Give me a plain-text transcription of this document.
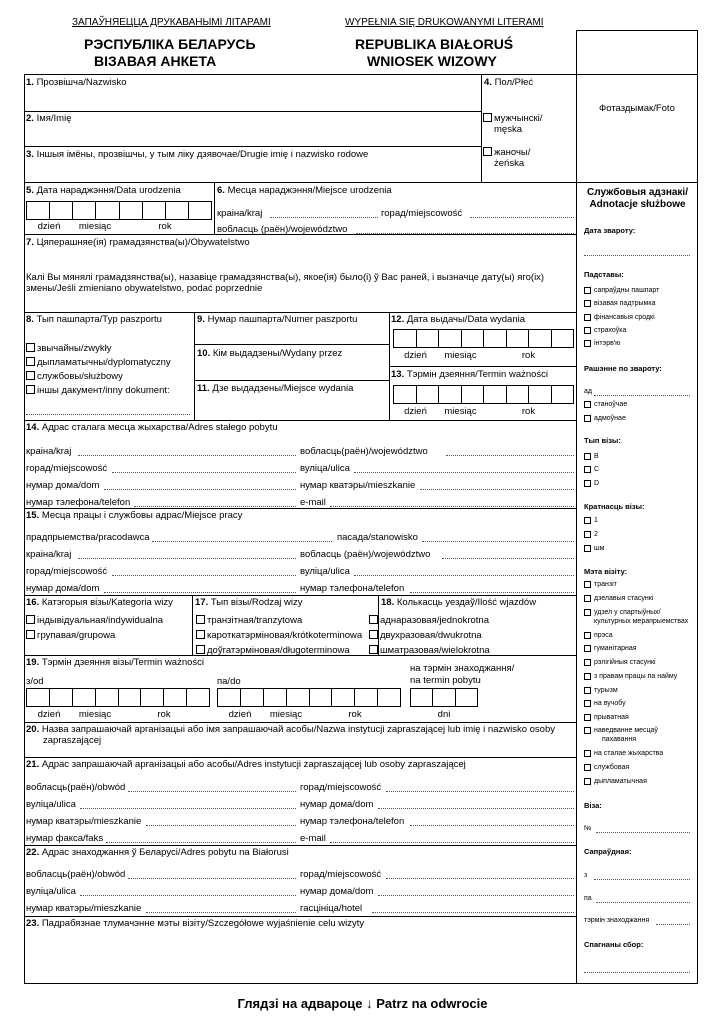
ЗАПАЎНЯЕЦЦА ДРУКАВАНЫМІ ЛІТАРАМІ	WYPEŁNIA SIĘ DRUKOWANYMI LITERAMI
РЭСПУБЛІКА БЕЛАРУСЬ
ВІЗАВАЯ АНКЕТА
REPUBLIKA BIAŁORUŚ
WNIOSEK WIZOWY
Фотаздымак/Foto
1. Прозвішча/Nazwisko
2. Імя/Imię
3. Іншыя імёны, прозвішчы, у тым ліку дзявочае/Drugie imię i nazwisko rodowe
4. Пол/Płeć
мужчынскі/
męska
жаночы/
żeńska
5. Дата нараджэння/Data urodzenia
dzień	miesiąc	rok
6. Месца нараджэння/Miejsce urodzenia
краіна/kraj	горад/miejscowość
вобласць (раён)/województwo
7. Цяперашняе(ія) грамадзянства(ы)/Obywatelstwo
Калі Вы мянялі грамадзянства(ы), назавіце грамадзянства(ы), якое(ія) было(і) ў Вас раней, і вызначце дату(ы) яго(іх)
змены/Jeśli zmieniano obywatelstwo, podać poprzednie
8. Тып пашпарта/Typ paszportu
звычайны/zwykły
дыпламатычны/dyplomatyczny
службовы/służbowy
іншы дакумент/inny dokument:
9. Нумар пашпарта/Numer paszportu
10. Кім выдадзены/Wydany przez
11. Дзе выдадзены/Miejsce wydania
12. Дата выдачы/Data wydania
dzień	miesiąc	rok
13. Тэрмін дзеяння/Termin ważności
dzień	miesiąc	rok
14. Адрас сталага месца жыхарства/Adres stałego pobytu
краіна/kraj	вобласць(раён)/województwo
горад/miejscowość	вуліца/ulica
нумар дома/dom	нумар кватэры/mieszkanie
нумар тэлефона/telefon	e-mail
15. Месца працы і службовы адрас/Miejsce pracy
прадпрыемства/pracodawca	пасада/stanowisko
краіна/kraj	вобласць (раён)/województwo
горад/miejscowość	вуліца/ulica
нумар дома/dom	нумар тэлефона/telefon
16. Катэгорыя візы/Kategoria wizy
індывідуальная/indywidualna
групавая/grupowa
17. Тып візы/Rodzaj wizy
транзітная/tranzytowa
кароткатэрміновая/krótkoterminowa
доўгатэрміновая/długoterminowa
18. Колькасць уездаў/Ilość wjazdów
аднаразовая/jednokrotna
двухразовая/dwukrotna
шматразовая/wielokrotna
19. Тэрмін дзеяння візы/Termin ważności
на тэрмін знаходжання/
na termin pobytu
з/od	па/do
dzień	miesiąc	rok	dzień	miesiąc	rok	dni
20. Назва запрашаючай арганізацыі або імя запрашаючай асобы/Nazwa instytucji zapraszającej lub imię i nazwisko osoby
zapraszającej
21. Адрас запрашаючай арганізацыі або асобы/Adres instytucji zapraszającej lub osoby zapraszającej
вобласць(раён)/obwód	горад/miejscowość
вуліца/ulica	нумар дома/dom
нумар кватэры/mieszkanie	нумар тэлефона/telefon
нумар факса/faks	e-mail
22. Адрас знаходжання ў Беларусі/Adres pobytu na Białorusi
вобласць(раён)/obwód	горад/miejscowość
вуліца/ulica	нумар дома/dom
нумар кватэры/mieszkanie	гасцініца/hotel
23. Падрабязнае тлумачэнне мэты візіту/Szczegółowe wyjaśnienie celu wizyty
Службовыя адзнакі/
Adnotacje służbowe
Дата звароту:
Падставы:
сапраўдны пашпарт
візавая падтрымка
фінансавыя сродкі
страхоўка
інтэрв'ю
Рашэнне по звароту:
ад
станоўчае
адмоўнае
Тып візы:
В
С
D
Кратнасць візы:
1
2
шм
Мэта візіту:
транзіт
дзелавыя стасункі
удзел у спартыўных/
культурных мерапрыемствах
прэса
гуманітарная
рэлігійныя стасункі
з правам працы па найму
турызм
на вучобу
прыватная
наведванне месцаў
пахавання
на сталае жыхарства
службовая
дыпламатычная
Віза:
№
Сапраўдная:
з
па
тэрмін знаходжання
Спагнаны сбор:
Глядзі на адвароце ↓ Patrz na odwrocie
